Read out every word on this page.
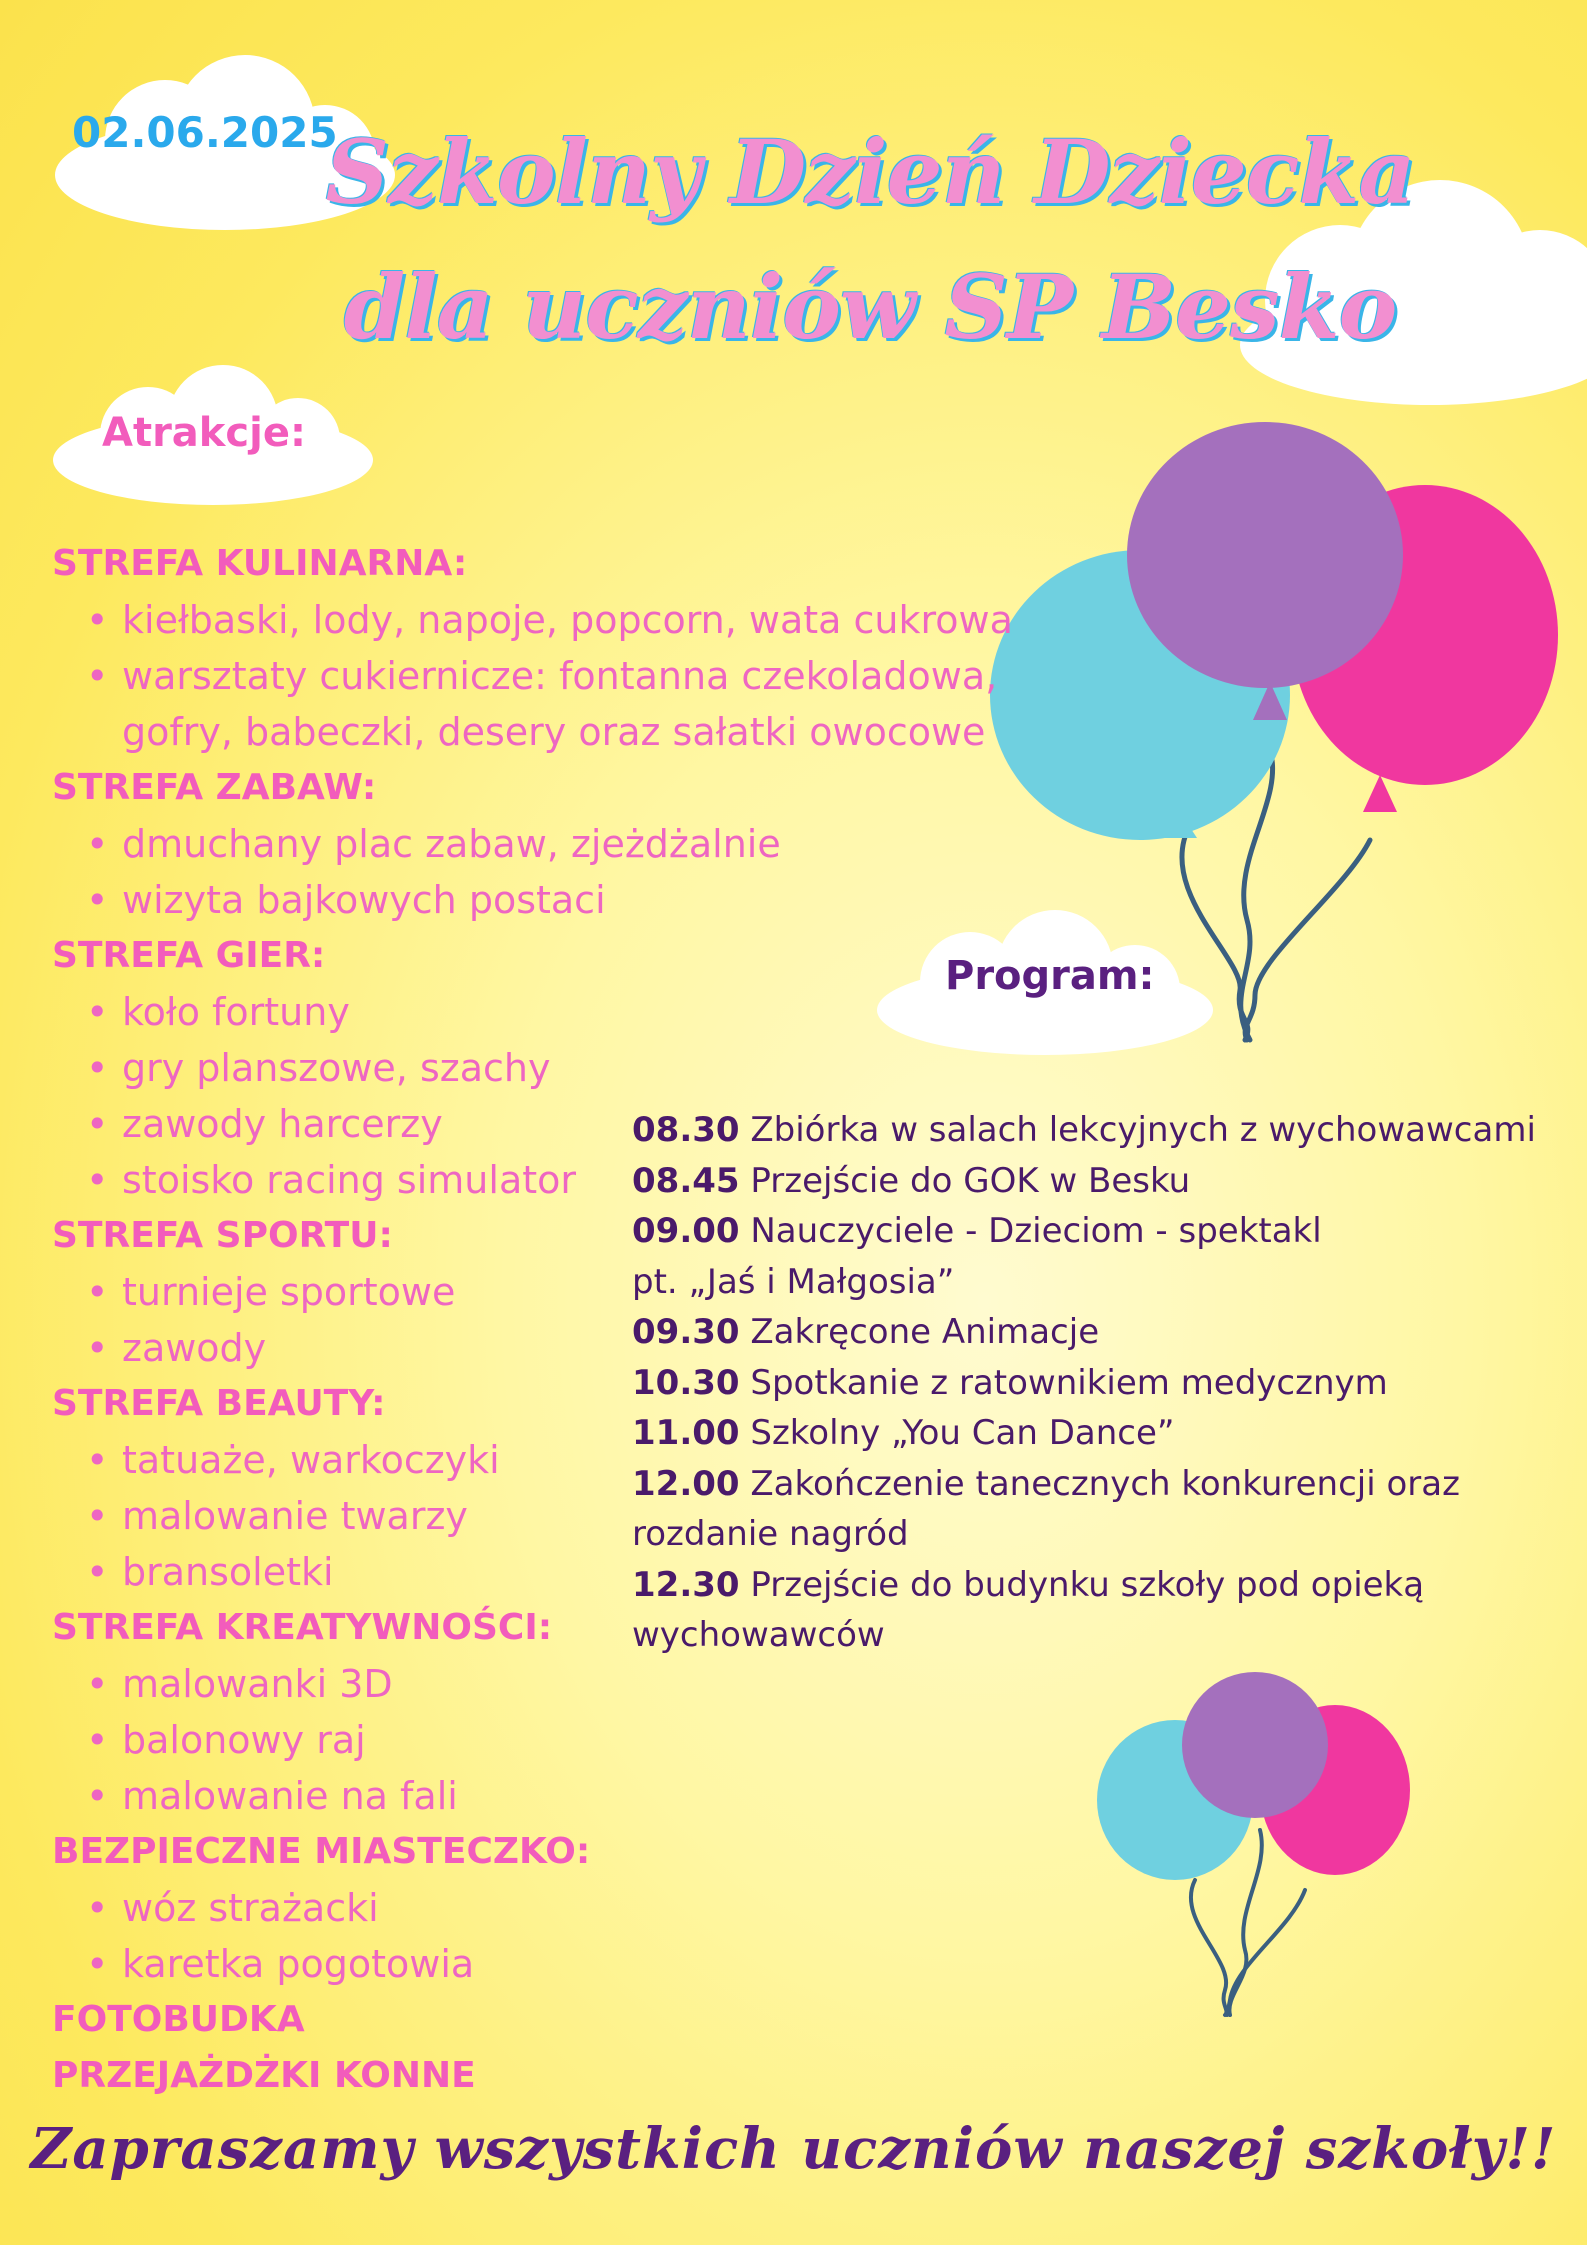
02.06.2025
Szkolny Dzień Dziecka
dla uczniów SP Besko
Atrakcje:
Program:
STREFA KULINARNA:
• kiełbaski, lody, napoje, popcorn, wata cukrowa
• warsztaty cukiernicze: fontanna czekoladowa, gofry, babeczki, desery oraz sałatki owocowe
STREFA ZABAW:
• dmuchany plac zabaw, zjeżdżalnie
• wizyta bajkowych postaci
STREFA GIER:
• koło fortuny
• gry planszowe, szachy
• zawody harcerzy
• stoisko racing simulator
STREFA SPORTU:
• turnieje sportowe
• zawody
STREFA BEAUTY:
• tatuaże, warkoczyki
• malowanie twarzy
• bransoletki
STREFA KREATYWNOŚCI:
• malowanki 3D
• balonowy raj
• malowanie na fali
BEZPIECZNE MIASTECZKO:
• wóz strażacki
• karetka pogotowia
FOTOBUDKA
PRZEJAŻDŻKI KONNE
08.30 Zbiórka w salach lekcyjnych z wychowawcami
08.45 Przejście do GOK w Besku
09.00 Nauczyciele - Dzieciom - spektakl
pt. „Jaś i Małgosia”
09.30 Zakręcone Animacje
10.30 Spotkanie z ratownikiem medycznym
11.00 Szkolny „You Can Dance”
12.00 Zakończenie tanecznych konkurencji oraz
rozdanie nagród
12.30 Przejście do budynku szkoły pod opieką
wychowawców
Zapraszamy wszystkich uczniów naszej szkoły!!
